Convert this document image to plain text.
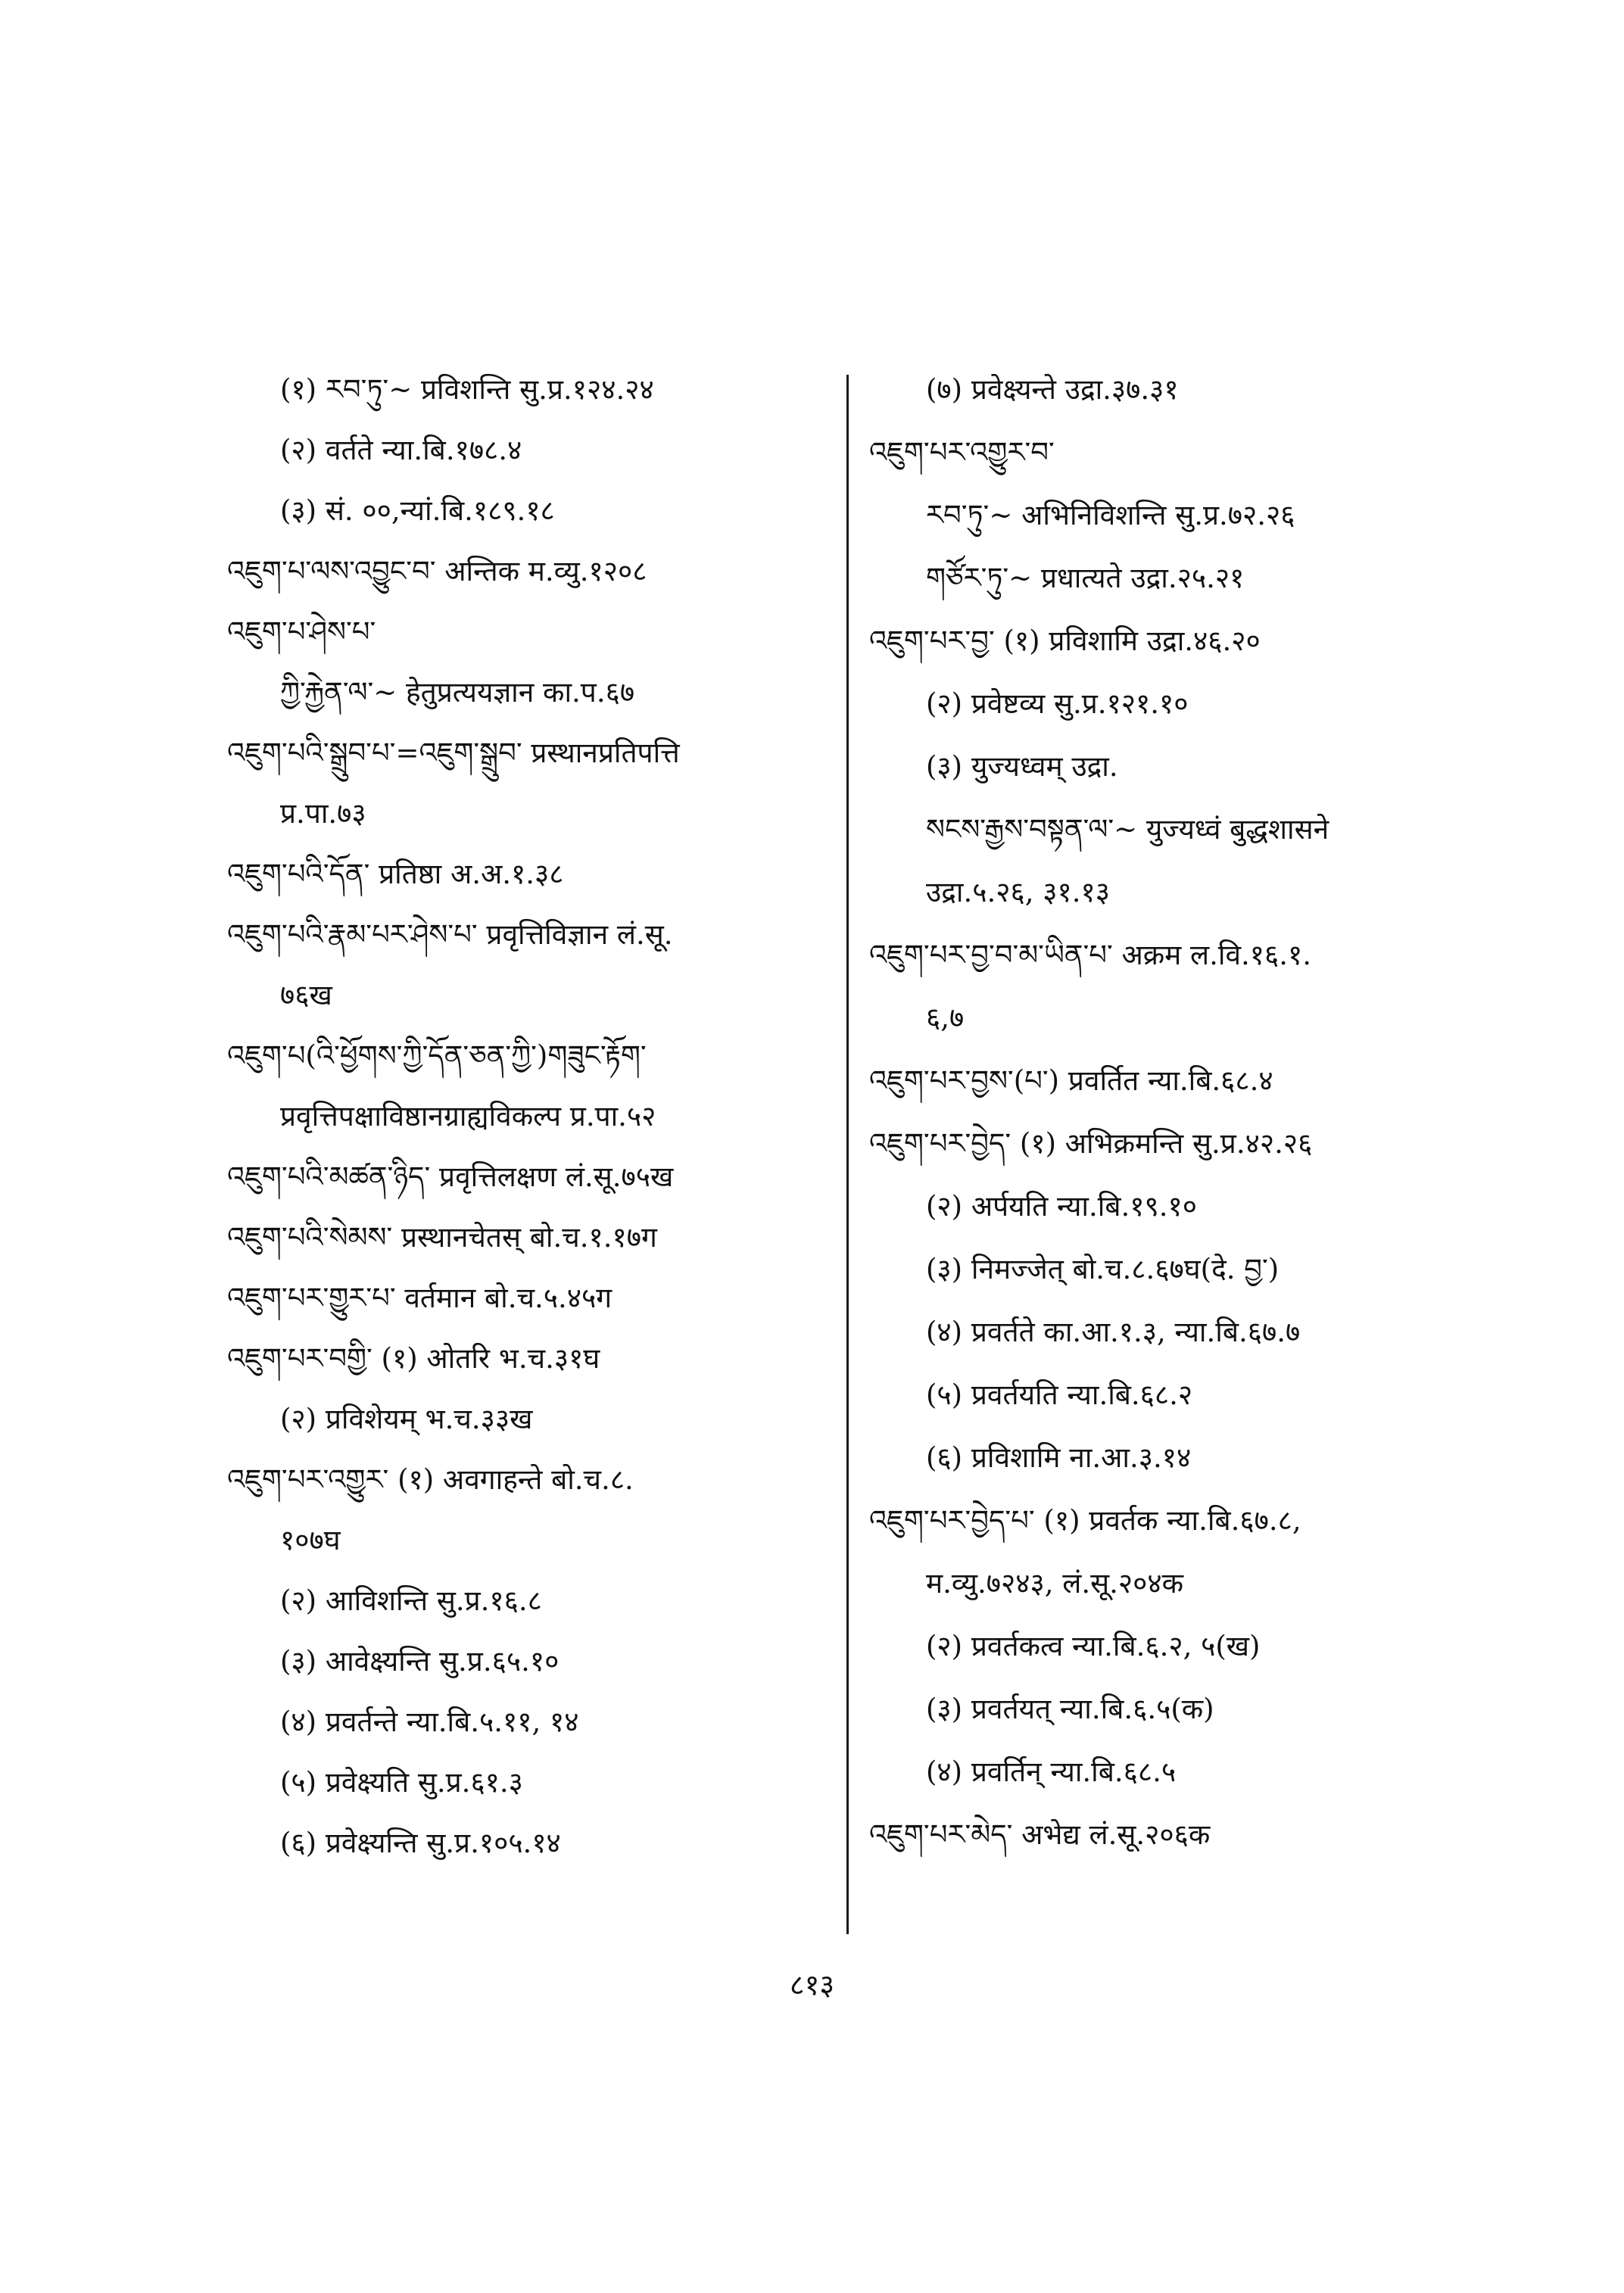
(१) རབ་ཏུ་~ प्रविशन्ति सु.प्र.१२४.२४
(२) वर्तते न्या.बि.१७८.४
(३) सं. ००,न्यां.बि.१८९.१८
འཇུག་པ་ལས་འབྱུང་བ་ अन्तिक म.व्यु.१२०८
འཇུག་པ་ཤེས་པ་
ཀྱི་རྐྱེན་ལ་~ हेतुप्रत्ययज्ञान का.प.६७
འཇུག་པའི་སྒྲུབ་པ་=འཇུག་སྒྲུབ་ प्रस्थानप्रतिपत्ति
प्र.पा.७३
འཇུག་པའི་དོན་ प्रतिष्ठा अ.अ.१.३८
འཇུག་པའི་རྣམ་པར་ཤེས་པ་ प्रवृत्तिविज्ञान लं.सू.
७६ख
འཇུག་པ(འི་ཕྱོགས་ཀྱི་དོན་ཅན་ཀྱི་)གཟུང་རྟོག་
प्रवृत्तिपक्षाविष्ठानग्राह्यविकल्प प्र.पा.५२
འཇུག་པའི་མཚན་ཉིད་ प्रवृत्तिलक्षण लं.सू.७५ख
འཇུག་པའི་སེམས་ प्रस्थानचेतस् बो.च.१.१७ग
འཇུག་པར་གྱུར་པ་ वर्तमान बो.च.५.४५ग
འཇུག་པར་བགྱི་ (१) ओतरि भ.च.३१घ
(२) प्रविशेयम् भ.च.३३ख
འཇུག་པར་འགྱུར་ (१) अवगाहन्ते बो.च.८.
१०७घ
(२) आविशन्ति सु.प्र.१६.८
(३) आवेक्ष्यन्ति सु.प्र.६५.१०
(४) प्रवर्तन्ते न्या.बि.५.११, १४
(५) प्रवेक्ष्यति सु.प्र.६१.३
(६) प्रवेक्ष्यन्ति सु.प्र.१०५.१४
(७) प्रवेक्ष्यन्ते उद्रा.३७.३१
འཇུག་པར་འགྱུར་བ་
རབ་ཏུ་~ अभिनिविशन्ति सु.प्र.७२.२६
གཙོར་ཏུ་~ प्रधात्यते उद्रा.२५.२१
འཇུག་པར་བྱ་ (१) प्रविशामि उद्रा.४६.२०
(२) प्रवेष्टव्य सु.प्र.१२१.१०
(३) युज्यध्वम् उद्रा.
སངས་རྒྱས་བསྟན་ལ་~ युज्यध्वं बुद्धशासने
उद्रा.५.२६, ३१.१३
འཇུག་པར་བྱ་བ་མ་ཡིན་པ་ अक्रम ल.वि.१६.१.
६,७
འཇུག་པར་བྱས་(པ་) प्रवर्तित न्या.बि.६८.४
འཇུག་པར་བྱེད་ (१) अभिक्रमन्ति सु.प्र.४२.२६
(२) अर्पयति न्या.बि.१९.१०
(३) निमज्जेत् बो.च.८.६७घ(दे. བྱ་)
(४) प्रवर्तते का.आ.१.३, न्या.बि.६७.७
(५) प्रवर्तयति न्या.बि.६८.२
(६) प्रविशामि ना.आ.३.१४
འཇུག་པར་བྱེད་པ་ (१) प्रवर्तक न्या.बि.६७.८,
म.व्यु.७२४३, लं.सू.२०४क
(२) प्रवर्तकत्व न्या.बि.६.२, ५(ख)
(३) प्रवर्तयत् न्या.बि.६.५(क)
(४) प्रवर्तिन् न्या.बि.६८.५
འཇུག་པར་མེད་ अभेद्य लं.सू.२०६क
८१३
